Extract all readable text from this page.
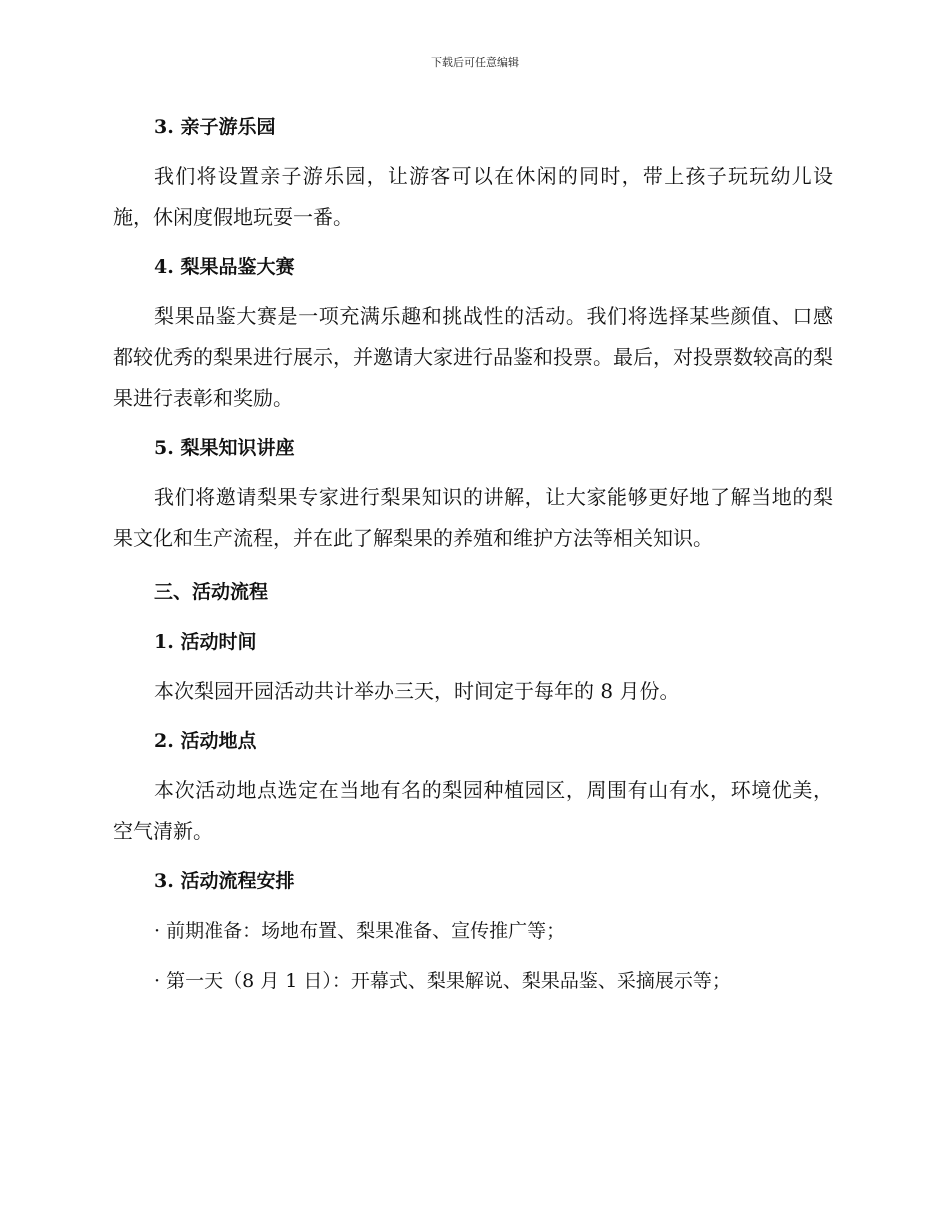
下载后可任意编辑
3. 亲子游乐园

我们将设置亲子游乐园，让游客可以在休闲的同时，带上孩子玩玩幼儿设施，休闲度假地玩耍一番。

4. 梨果品鉴大赛

梨果品鉴大赛是一项充满乐趣和挑战性的活动。我们将选择某些颜值、口感都较优秀的梨果进行展示，并邀请大家进行品鉴和投票。最后，对投票数较高的梨果进行表彰和奖励。

5. 梨果知识讲座

我们将邀请梨果专家进行梨果知识的讲解，让大家能够更好地了解当地的梨果文化和生产流程，并在此了解梨果的养殖和维护方法等相关知识。

三、活动流程
1. 活动时间

本次梨园开园活动共计举办三天，时间定于每年的 8 月份。

2. 活动地点

本次活动地点选定在当地有名的梨园种植园区，周围有山有水，环境优美，空气清新。

3. 活动流程安排
· 前期准备：场地布置、梨果准备、宣传推广等；
· 第一天（8 月 1 日）：开幕式、梨果解说、梨果品鉴、采摘展示等；
